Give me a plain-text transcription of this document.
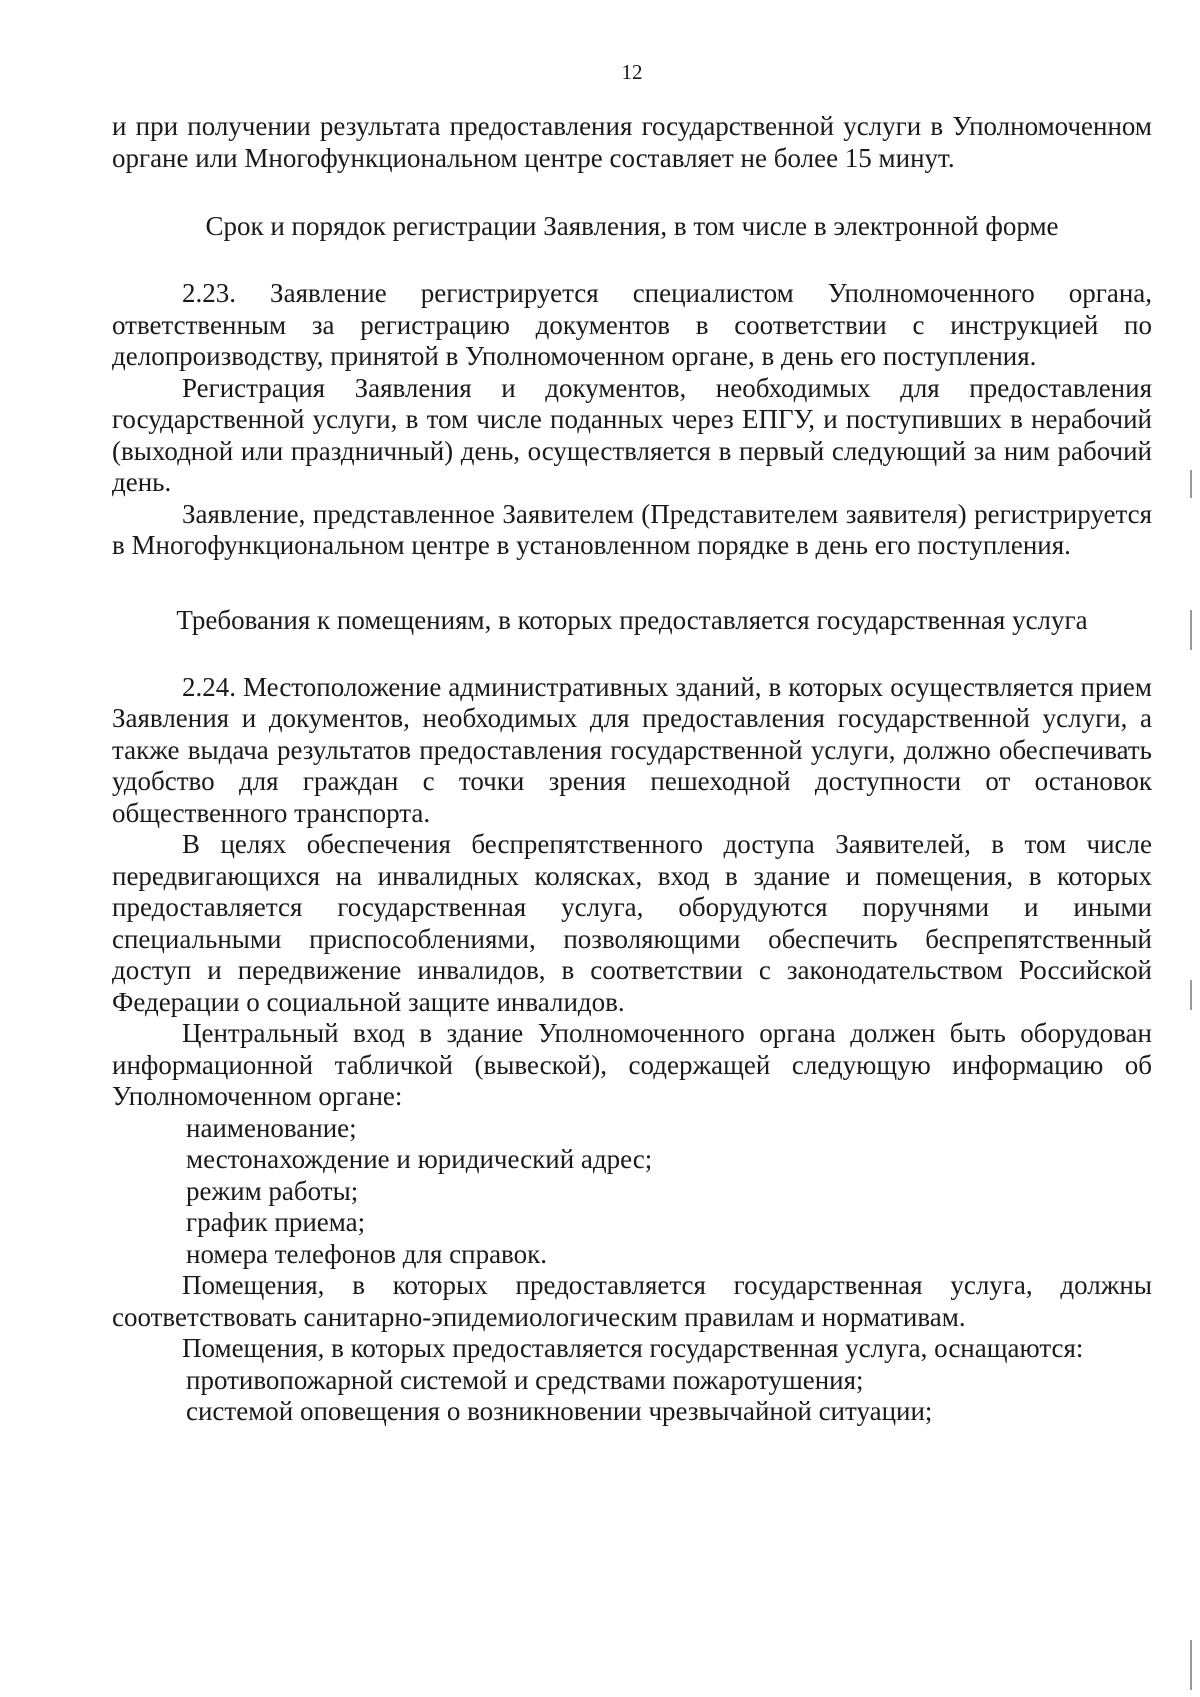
12

и при получении результата предоставления государственной услуги в Уполномоченном органе или Многофункциональном центре составляет не более 15 минут.

Срок и порядок регистрации Заявления, в том числе в электронной форме

2.23. Заявление регистрируется специалистом Уполномоченного органа, ответственным за регистрацию документов в соответствии с инструкцией по делопроизводству, принятой в Уполномоченном органе, в день его поступления.

Регистрация Заявления и документов, необходимых для предоставления государственной услуги, в том числе поданных через ЕПГУ, и поступивших в нерабочий (выходной или праздничный) день, осуществляется в первый следующий за ним рабочий день.

Заявление, представленное Заявителем (Представителем заявителя) регистрируется в Многофункциональном центре в установленном порядке в день его поступления.

Требования к помещениям, в которых предоставляется государственная услуга

2.24. Местоположение административных зданий, в которых осуществляется прием Заявления и документов, необходимых для предоставления государственной услуги, а также выдача результатов предоставления государственной услуги, должно обеспечивать удобство для граждан с точки зрения пешеходной доступности от остановок общественного транспорта.

В целях обеспечения беспрепятственного доступа Заявителей, в том числе передвигающихся на инвалидных колясках, вход в здание и помещения, в которых предоставляется государственная услуга, оборудуются поручнями и иными специальными приспособлениями, позволяющими обеспечить беспрепятственный доступ и передвижение инвалидов, в соответствии с законодательством Российской Федерации о социальной защите инвалидов.

Центральный вход в здание Уполномоченного органа должен быть оборудован информационной табличкой (вывеской), содержащей следующую информацию об Уполномоченном органе:

наименование;

местонахождение и юридический адрес;

режим работы;

график приема;

номера телефонов для справок.

Помещения, в которых предоставляется государственная услуга, должны соответствовать санитарно-эпидемиологическим правилам и нормативам.

Помещения, в которых предоставляется государственная услуга, оснащаются:

противопожарной системой и средствами пожаротушения;

системой оповещения о возникновении чрезвычайной ситуации;
